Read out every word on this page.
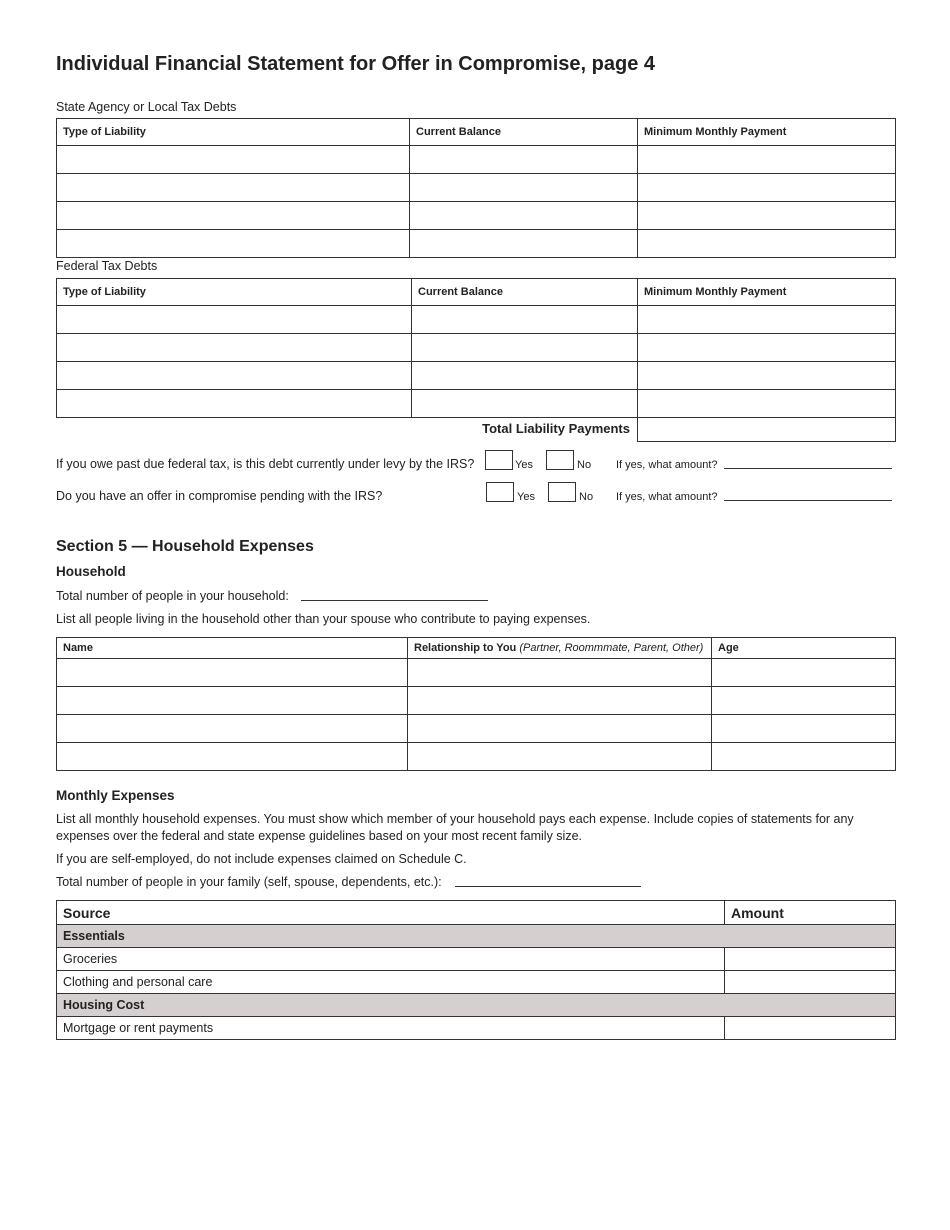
Individual Financial Statement for Offer in Compromise, page 4
State Agency or Local Tax Debts
Type of Liability	Current Balance	Minimum Monthly Payment

Federal Tax Debts
Type of Liability	Current Balance	Minimum Monthly Payment

Total Liability Payments
If you owe past due federal tax, is this debt currently under levy by the IRS?	Yes	No If yes, what amount?
Do you have an offer in compromise pending with the IRS?	Yes	No If yes, what amount?
Section 5 — Household Expenses
Household
Total number of people in your household:
List all people living in the household other than your spouse who contribute to paying expenses.
Name	Relationship to You (Partner, Roommmate, Parent, Other)	Age

Monthly Expenses
List all monthly household expenses. You must show which member of your household pays each expense. Include copies of statements for any expenses over the federal and state expense guidelines based on your most recent family size.
If you are self-employed, do not include expenses claimed on Schedule C.
Total number of people in your family (self, spouse, dependents, etc.):
Source	Amount
Essentials	
Groceries	
Clothing and personal care	
Housing Cost	
Mortgage or rent payments	
